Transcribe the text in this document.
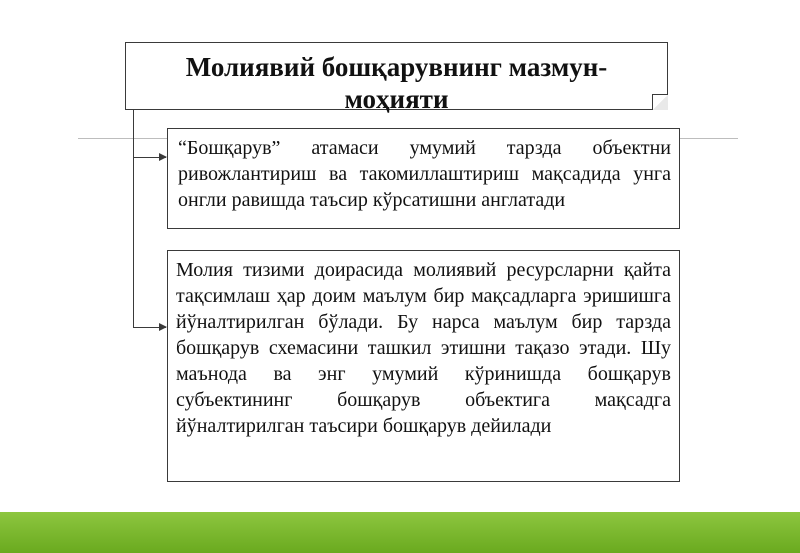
Молиявий бошқарувнинг мазмун-моҳияти
“Бошқарув” атамаси умумий тарзда объектни ривожлантириш ва такомиллаштириш мақсадида унга онгли равишда таъсир кўрсатишни англатади
Молия тизими доирасида молиявий ресурсларни қайта тақсимлаш ҳар доим маълум бир мақсадларга эришишга йўналтирилган бўлади. Бу нарса маълум бир тарзда бошқарув схемасини ташкил этишни тақазо этади. Шу маънода ва энг умумий кўринишда бошқарув субъектининг бошқарув объектига мақсадга йўналтирилган таъсири бошқарув дейилади
